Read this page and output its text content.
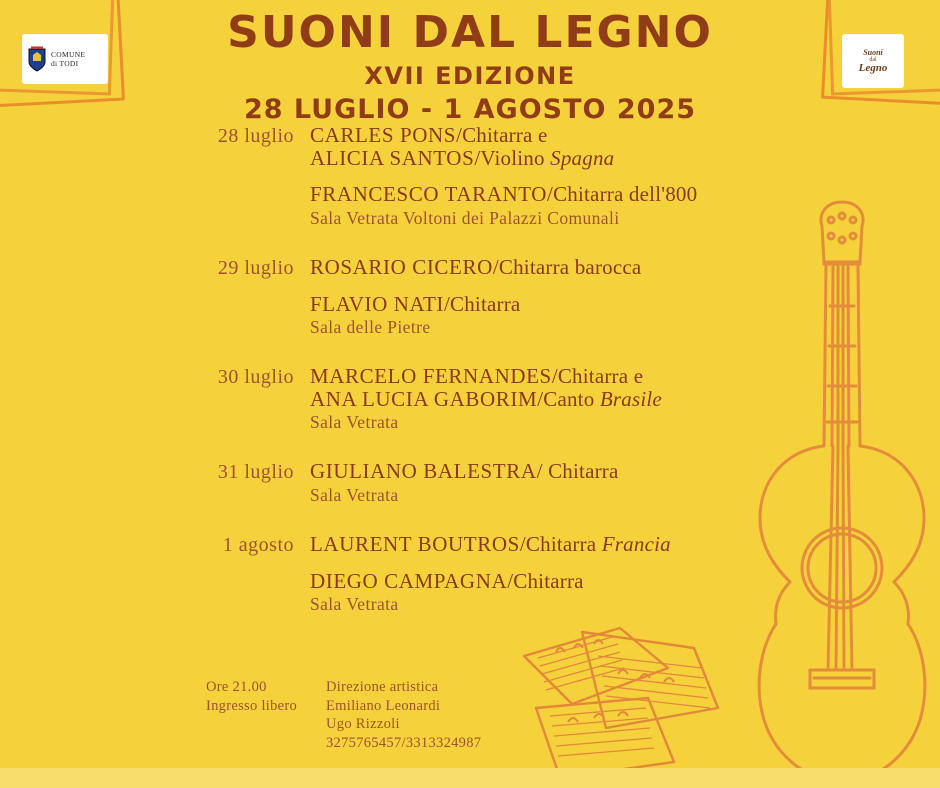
COMUNE
di TODI
Suoni
dal
Legno
SUONI DAL LEGNO
XVII EDIZIONE
28 LUGLIO - 1 AGOSTO 2025
28 luglio CARLES PONS/Chitarra e
ALICIA SANTOS/Violino Spagna
FRANCESCO TARANTO/Chitarra dell'800
Sala Vetrata Voltoni dei Palazzi Comunali
29 luglio ROSARIO CICERO/Chitarra barocca
FLAVIO NATI/Chitarra
Sala delle Pietre
30 luglio MARCELO FERNANDES/Chitarra e
ANA LUCIA GABORIM/Canto Brasile
Sala Vetrata
31 luglio GIULIANO BALESTRA/ Chitarra
Sala Vetrata
1 agosto LAURENT BOUTROS/Chitarra Francia
DIEGO CAMPAGNA/Chitarra
Sala Vetrata
Ore 21.00
Ingresso libero
Direzione artistica
Emiliano Leonardi
Ugo Rizzoli
3275765457/3313324987
